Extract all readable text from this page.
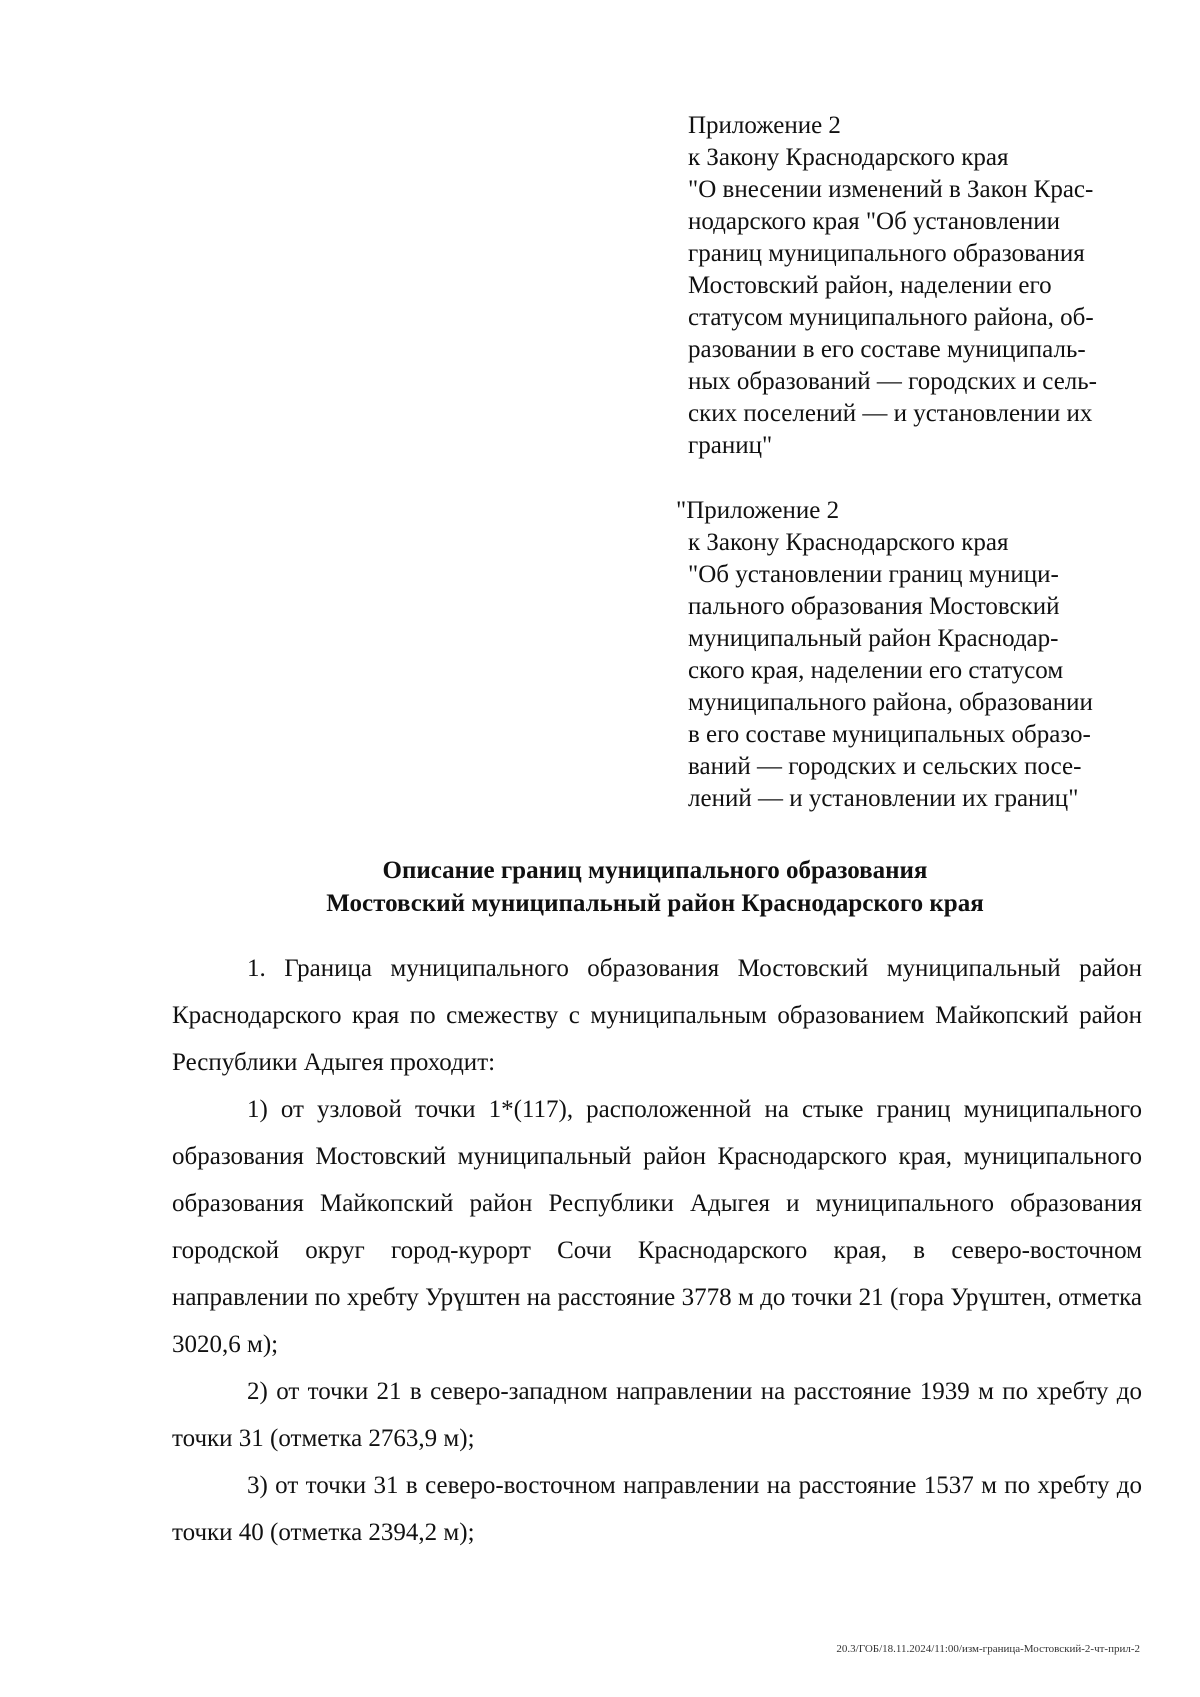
Приложение 2
к Закону Краснодарского края
"О внесении изменений в Закон Крас-
нодарского края "Об установлении
границ муниципального образования
Мостовский район, наделении его
статусом муниципального района, об-
разовании в его составе муниципаль-
ных образований — городских и сель-
ских поселений — и установлении их
границ"
"Приложение 2
к Закону Краснодарского края
"Об установлении границ муници-
пального образования Мостовский
муниципальный район Краснодар-
ского края, наделении его статусом
муниципального района, образовании
в его составе муниципальных образо-
ваний — городских и сельских посе-
лений — и установлении их границ"
Описание границ муниципального образования
Мостовский муниципальный район Краснодарского края

1. Граница муниципального образования Мостовский муниципальный район Краснодарского края по смежеству с муниципальным образованием Майкопский район Республики Адыгея проходит:

1) от узловой точки 1*(117), расположенной на стыке границ муниципального образования Мостовский муниципальный район Краснодарского края, муниципального образования Майкопский район Республики Адыгея и муниципального образования городской округ город-курорт Сочи Краснодарского края, в северо-восточном направлении по хребту Урүштен на расстояние 3778 м до точки 21 (гора Урүштен, отметка 3020,6 м);

2) от точки 21 в северо-западном направлении на расстояние 1939 м по хребту до точки 31 (отметка 2763,9 м);

3) от точки 31 в северо-восточном направлении на расстояние 1537 м по хребту до точки 40 (отметка 2394,2 м);

20.3/ГОБ/18.11.2024/11:00/изм-граница-Мостовский-2-чт-прил-2
